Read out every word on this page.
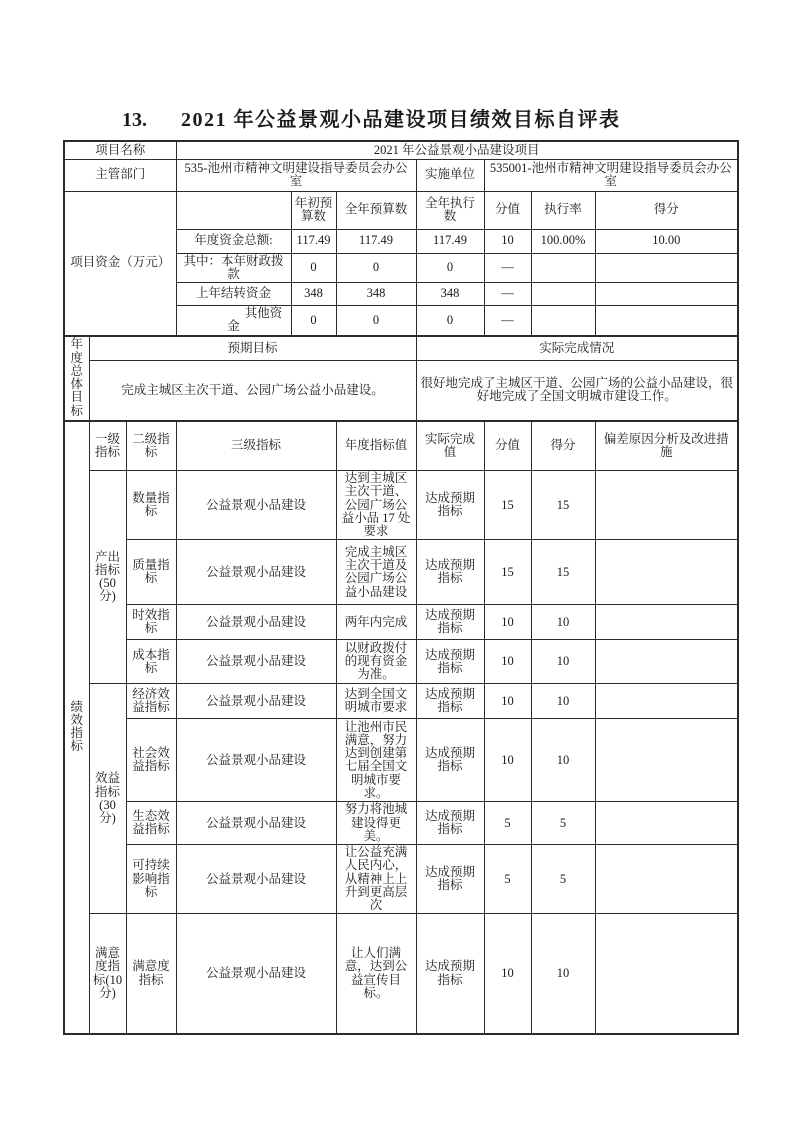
13. 2021 年公益景观小品建设项目绩效目标自评表
项目名称			2021 年公益景观小品建设项目						
主管部门			535-池州市精神文明建设指导委员会办公室			实施单位	535001-池州市精神文明建设指导委员会办公室		
项目资金（万元）				年初预算数	全年预算数	全年执行数	分值	执行率	得分
			年度资金总额:	117.49	117.49	117.49	10	100.00%	10.00
			其中：本年财政拨款	0	0	0	—		
			上年结转资金	348	348	348	—		
			其他资金	0	0	0	—		
年度总体目标	预期目标					实际完成情况			
	完成主城区主次干道、公园广场公益小品建设。					很好地完成了主城区干道、公园广场的公益小品建设，很好地完成了全国文明城市建设工作。			
绩效指标	一级指标	二级指标	三级指标		年度指标值	实际完成值	分值	得分	偏差原因分析及改进措施
	产出指标(50分)	数量指标	公益景观小品建设		达到主城区主次干道、公园广场公益小品 17 处要求	达成预期指标	15	15	
		质量指标	公益景观小品建设		完成主城区主次干道及公园广场公益小品建设	达成预期指标	15	15	
		时效指标	公益景观小品建设		两年内完成	达成预期指标	10	10	
		成本指标	公益景观小品建设		以财政拨付的现有资金为准。	达成预期指标	10	10	
	效益指标(30分)	经济效益指标	公益景观小品建设		达到全国文明城市要求	达成预期指标	10	10	
		社会效益指标	公益景观小品建设		让池州市民满意，努力达到创建第七届全国文明城市要求。	达成预期指标	10	10	
		生态效益指标	公益景观小品建设		努力将池城建设得更美。	达成预期指标	5	5	
		可持续影响指标	公益景观小品建设		让公益充满人民内心，从精神上上升到更高层次	达成预期指标	5	5	
	满意度指标(10分)	满意度指标	公益景观小品建设		让人们满意，达到公益宣传目标。	达成预期指标	10	10	
